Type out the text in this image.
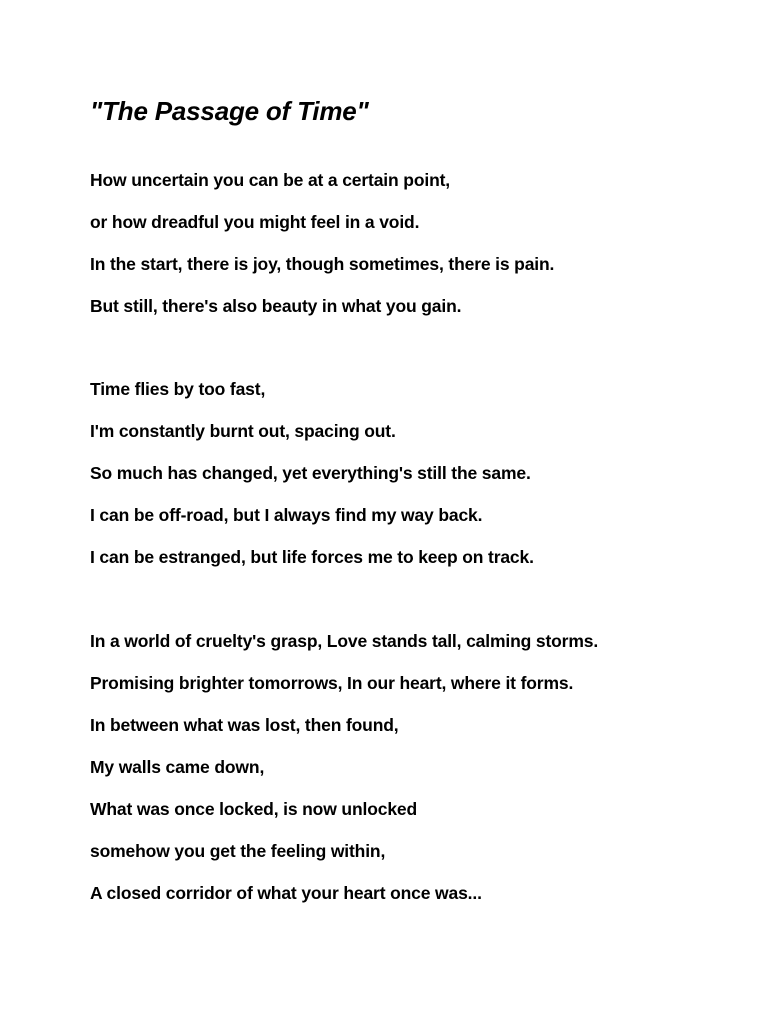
"The Passage of Time"
How uncertain you can be at a certain point,
or how dreadful you might feel in a void.
In the start, there is joy, though sometimes, there is pain.
But still, there's also beauty in what you gain.
Time flies by too fast,
I'm constantly burnt out, spacing out.
So much has changed, yet everything's still the same.
I can be off-road, but I always find my way back.
I can be estranged, but life forces me to keep on track.
In a world of cruelty's grasp, Love stands tall, calming storms.
Promising brighter tomorrows, In our heart, where it forms.
In between what was lost, then found,
My walls came down,
What was once locked, is now unlocked
somehow you get the feeling within,
A closed corridor of what your heart once was...
